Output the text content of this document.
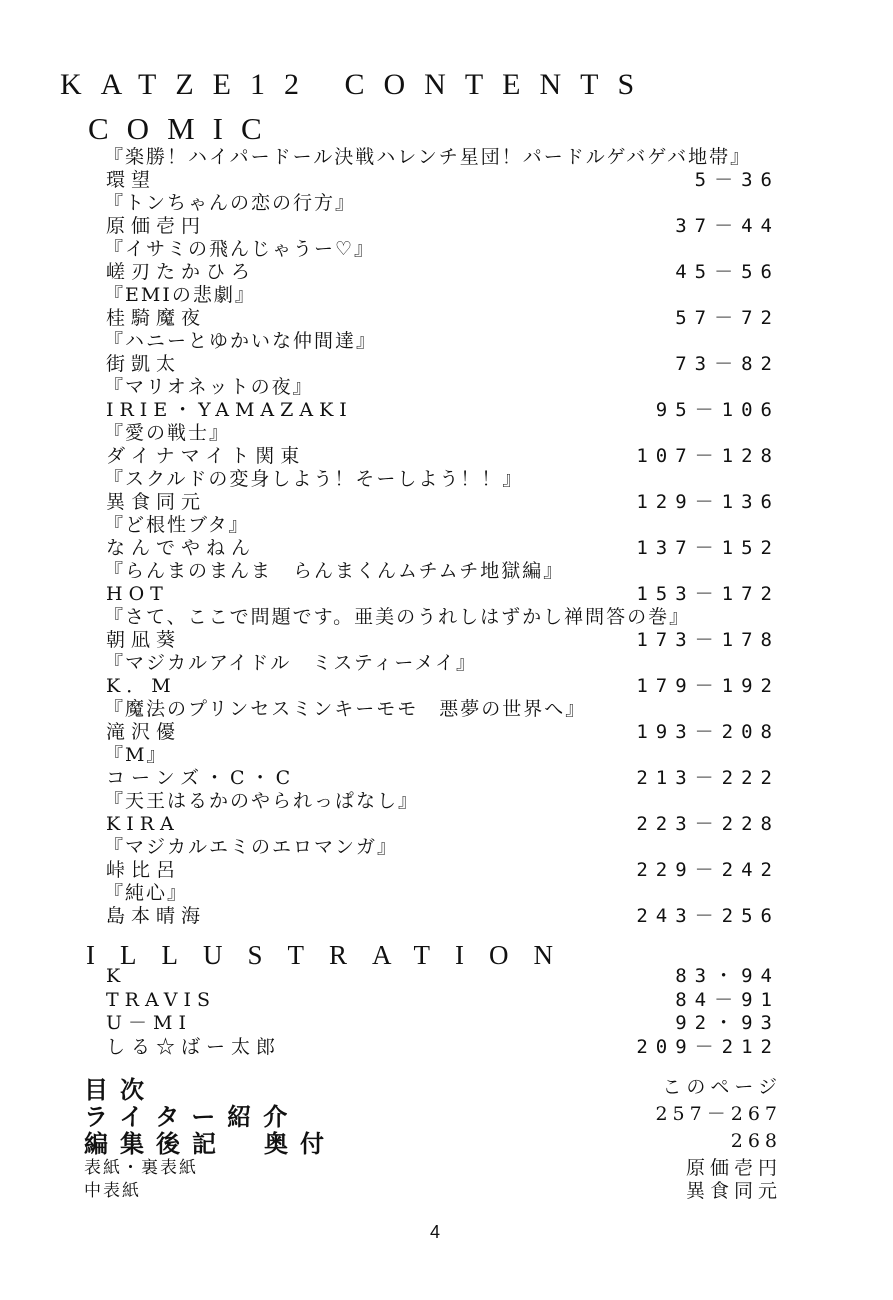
KATZE12 CONTENTS
COMIC
『楽勝！ハイパードール決戦ハレンチ星団！パードルゲバゲバ地帯』
環望	5－36
『トンちゃんの恋の行方』
原価壱円	37－44
『イサミの飛んじゃうー♡』
嵯刃たかひろ	45－56
『EMIの悲劇』
桂騎魔夜	57－72
『ハニーとゆかいな仲間達』
街凱太	73－82
『マリオネットの夜』
IRIE・YAMAZAKI	95－106
『愛の戦士』
ダイナマイト関東	107－128
『スクルドの変身しよう！そーしよう！！』
異食同元	129－136
『ど根性ブタ』
なんでやねん	137－152
『らんまのまんま　らんまくんムチムチ地獄編』
HOT	153－172
『さて、ここで問題です。亜美のうれしはずかし禅問答の巻』
朝凪葵	173－178
『マジカルアイドル　ミスティーメイ』
K．M	179－192
『魔法のプリンセスミンキーモモ　悪夢の世界へ』
滝沢優	193－208
『M』
コーンズ・C・C	213－222
『天王はるかのやられっぱなし』
KIRA	223－228
『マジカルエミのエロマンガ』
峠比呂	229－242
『純心』
島本晴海	243－256
ILLUSTRATION
K	83・94
TRAVIS	84－91
U－MI	92・93
しる☆ばー太郎	209－212
目次	このページ
ライター紹介	257－267
編集後記　奥付	268
表紙・裏表紙	原価壱円
中表紙	異食同元
4
